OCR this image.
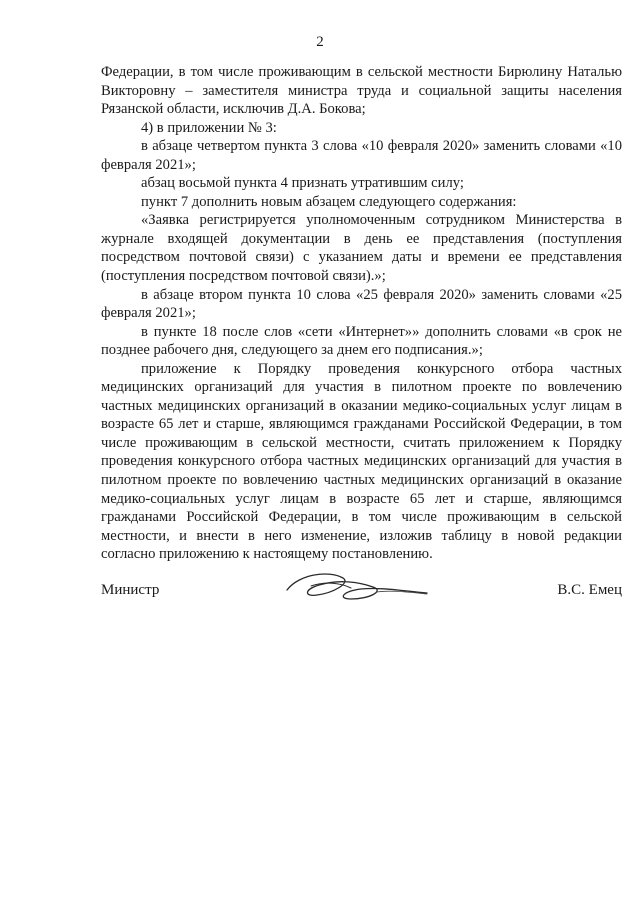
2

Федерации, в том числе проживающим в сельской местности Бирюлину Наталью Викторовну – заместителя министра труда и социальной защиты населения Рязанской области, исключив Д.А. Бокова;

4) в приложении № 3:

в абзаце четвертом пункта 3 слова «10 февраля 2020» заменить словами «10 февраля 2021»;

абзац восьмой пункта 4 признать утратившим силу;

пункт 7 дополнить новым абзацем следующего содержания:

«Заявка регистрируется уполномоченным сотрудником Министерства в журнале входящей документации в день ее представления (поступления посредством почтовой связи) с указанием даты и времени ее представления (поступления посредством почтовой связи).»;

в абзаце втором пункта 10 слова «25 февраля 2020» заменить словами «25 февраля 2021»;

в пункте 18 после слов «сети «Интернет»» дополнить словами «в срок не позднее рабочего дня, следующего за днем его подписания.»;

приложение к Порядку проведения конкурсного отбора частных медицинских организаций для участия в пилотном проекте по вовлечению частных медицинских организаций в оказании медико-социальных услуг лицам в возрасте 65 лет и старше, являющимся гражданами Российской Федерации, в том числе проживающим в сельской местности, считать приложением к Порядку проведения конкурсного отбора частных медицинских организаций для участия в пилотном проекте по вовлечению частных медицинских организаций в оказание медико-социальных услуг лицам в возрасте 65 лет и старше, являющимся гражданами Российской Федерации, в том числе проживающим в сельской местности, и внести в него изменение, изложив таблицу в новой редакции согласно приложению к настоящему постановлению.

Министр	В.С. Емец
